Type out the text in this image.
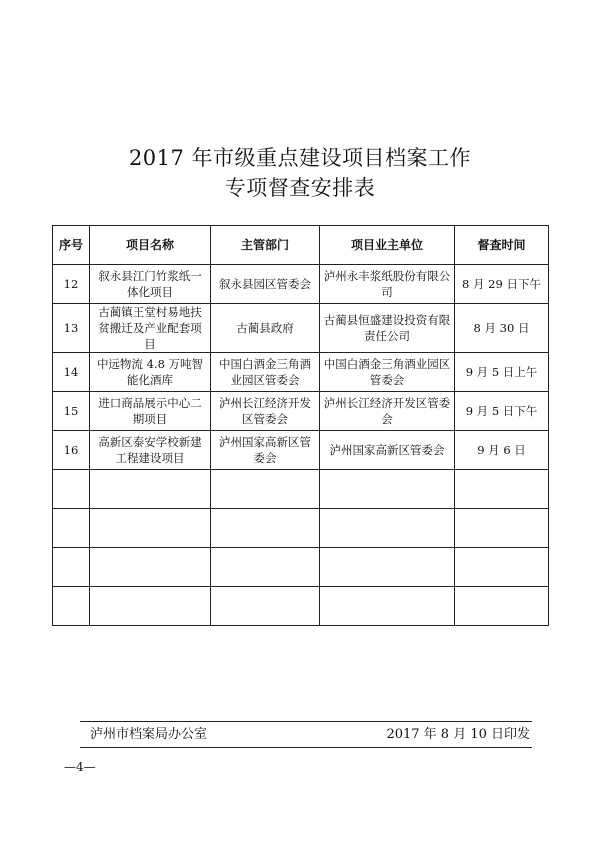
2017 年市级重点建设项目档案工作
专项督查安排表
序号	项目名称	主管部门	项目业主单位	督查时间
12	叙永县江门竹浆纸一体化项目	叙永县园区管委会	泸州永丰浆纸股份有限公司	8 月 29 日下午
13	古蔺镇王堂村易地扶贫搬迁及产业配套项目	古蔺县政府	古蔺县恒盛建设投资有限责任公司	8 月 30 日
14	中远物流 4.8 万吨智能化酒库	中国白酒金三角酒业园区管委会	中国白酒金三角酒业园区管委会	9 月 5 日上午
15	进口商品展示中心二期项目	泸州长江经济开发区管委会	泸州长江经济开发区管委会	9 月 5 日下午
16	高新区泰安学校新建工程建设项目	泸州国家高新区管委会	泸州国家高新区管委会	9 月 6 日

泸州市档案局办公室	2017 年 8 月 10 日印发
—4—
